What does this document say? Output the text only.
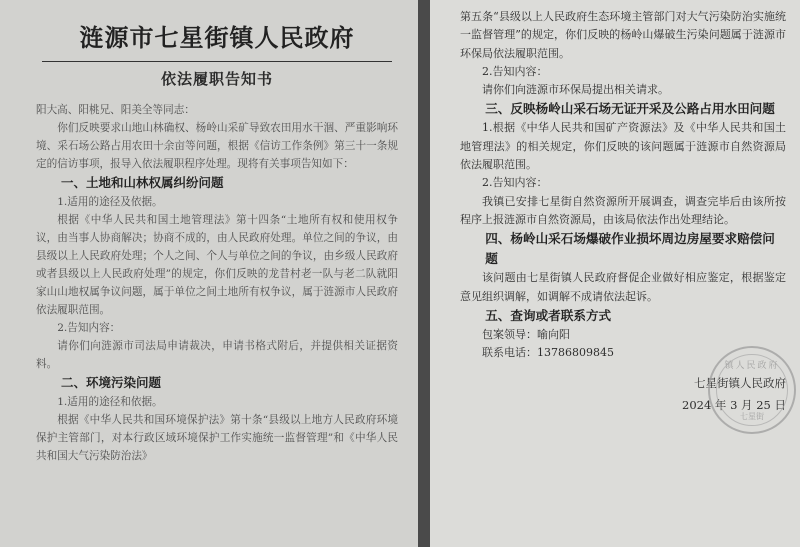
涟源市七星街镇人民政府
依法履职告知书

阳大高、阳桃兄、阳美全等同志：

你们反映要求山地山林确权、杨岭山采矿导致农田用水干涸、严重影响环境、采石场公路占用农田十余亩等问题，根据《信访工作条例》第三十一条规定的信访事项，报导入依法履职程序处理。现将有关事项告知如下：

一、土地和山林权属纠纷问题

1.适用的途径及依据。

根据《中华人民共和国土地管理法》第十四条“土地所有权和使用权争议，由当事人协商解决；协商不成的，由人民政府处理。单位之间的争议，由县级以上人民政府处理；个人之间、个人与单位之间的争议，由乡级人民政府或者县级以上人民政府处理”的规定，你们反映的龙昔村老一队与老二队就阳家山山地权属争议问题，属于单位之间土地所有权争议，属于涟源市人民政府依法履职范围。

2.告知内容：

请你们向涟源市司法局申请裁决，申请书格式附后，并提供相关证据资料。

二、环境污染问题

1.适用的途径和依据。

根据《中华人民共和国环境保护法》第十条“县级以上地方人民政府环境保护主管部门，对本行政区域环境保护工作实施统一监督管理”和《中华人民共和国大气污染防治法》

第五条“县级以上人民政府生态环境主管部门对大气污染防治实施统一监督管理”的规定，你们反映的杨岭山爆破生污染问题属于涟源市环保局依法履职范围。

2.告知内容：

请你们向涟源市环保局提出相关请求。

三、反映杨岭山采石场无证开采及公路占用水田问题

1.根据《中华人民共和国矿产资源法》及《中华人民共和国土地管理法》的相关规定，你们反映的该问题属于涟源市自然资源局依法履职范围。

2.告知内容：

我镇已安排七星街自然资源所开展调查，调查完毕后由该所按程序上报涟源市自然资源局，由该局依法作出处理结论。

四、杨岭山采石场爆破作业损坏周边房屋要求赔偿问题

该问题由七星街镇人民政府督促企业做好相应鉴定，根据鉴定意见组织调解，如调解不成请依法起诉。

五、查询或者联系方式

包案领导：喻向阳

联系电话：13786809845

镇人民政府
七星街
七星街镇人民政府
2024 年 3 月 25 日
